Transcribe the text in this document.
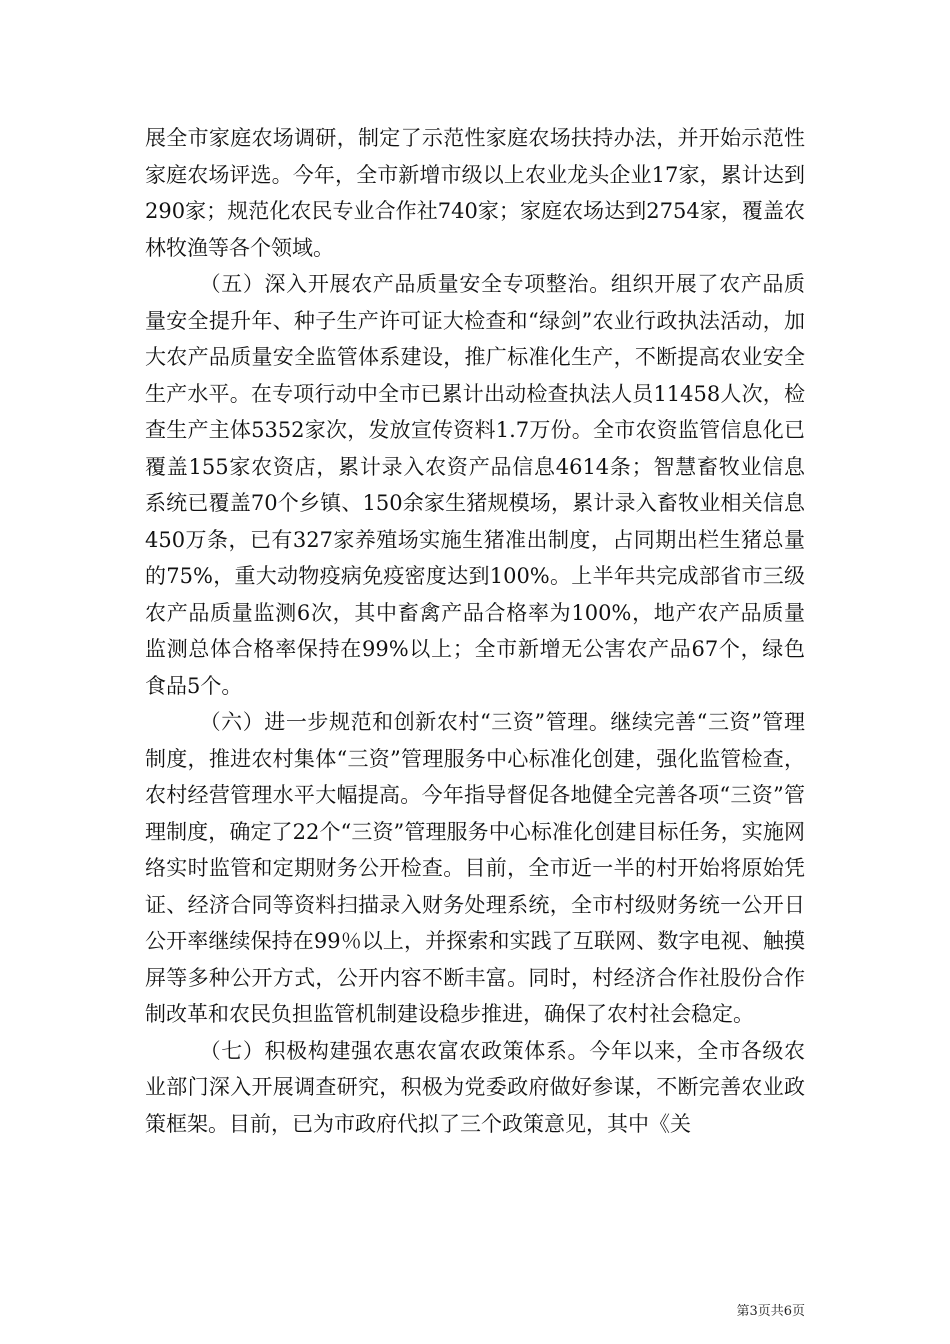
展全市家庭农场调研，制定了示范性家庭农场扶持办法，并开始示范性家庭农场评选。今年，全市新增市级以上农业龙头企业17家，累计达到290家；规范化农民专业合作社740家；家庭农场达到2754家，覆盖农林牧渔等各个领域。

（五）深入开展农产品质量安全专项整治。组织开展了农产品质量安全提升年、种子生产许可证大检查和“绿剑”农业行政执法活动，加大农产品质量安全监管体系建设，推广标准化生产，不断提高农业安全生产水平。在专项行动中全市已累计出动检查执法人员11458人次，检查生产主体5352家次，发放宣传资料1.7万份。全市农资监管信息化已覆盖155家农资店，累计录入农资产品信息4614条；智慧畜牧业信息系统已覆盖70个乡镇、150余家生猪规模场，累计录入畜牧业相关信息450万条，已有327家养殖场实施生猪准出制度，占同期出栏生猪总量的75%，重大动物疫病免疫密度达到100%。上半年共完成部省市三级农产品质量监测6次，其中畜禽产品合格率为100%，地产农产品质量监测总体合格率保持在99%以上；全市新增无公害农产品67个，绿色食品5个。

（六）进一步规范和创新农村“三资”管理。继续完善“三资”管理制度，推进农村集体“三资”管理服务中心标准化创建，强化监管检查，农村经营管理水平大幅提高。今年指导督促各地健全完善各项“三资”管理制度，确定了22个“三资”管理服务中心标准化创建目标任务，实施网络实时监管和定期财务公开检查。目前，全市近一半的村开始将原始凭证、经济合同等资料扫描录入财务处理系统，全市村级财务统一公开日公开率继续保持在99％以上，并探索和实践了互联网、数字电视、触摸屏等多种公开方式，公开内容不断丰富。同时，村经济合作社股份合作制改革和农民负担监管机制建设稳步推进，确保了农村社会稳定。

（七）积极构建强农惠农富农政策体系。今年以来，全市各级农业部门深入开展调查研究，积极为党委政府做好参谋，不断完善农业政策框架。目前，已为市政府代拟了三个政策意见，其中《关

第3页共6页
